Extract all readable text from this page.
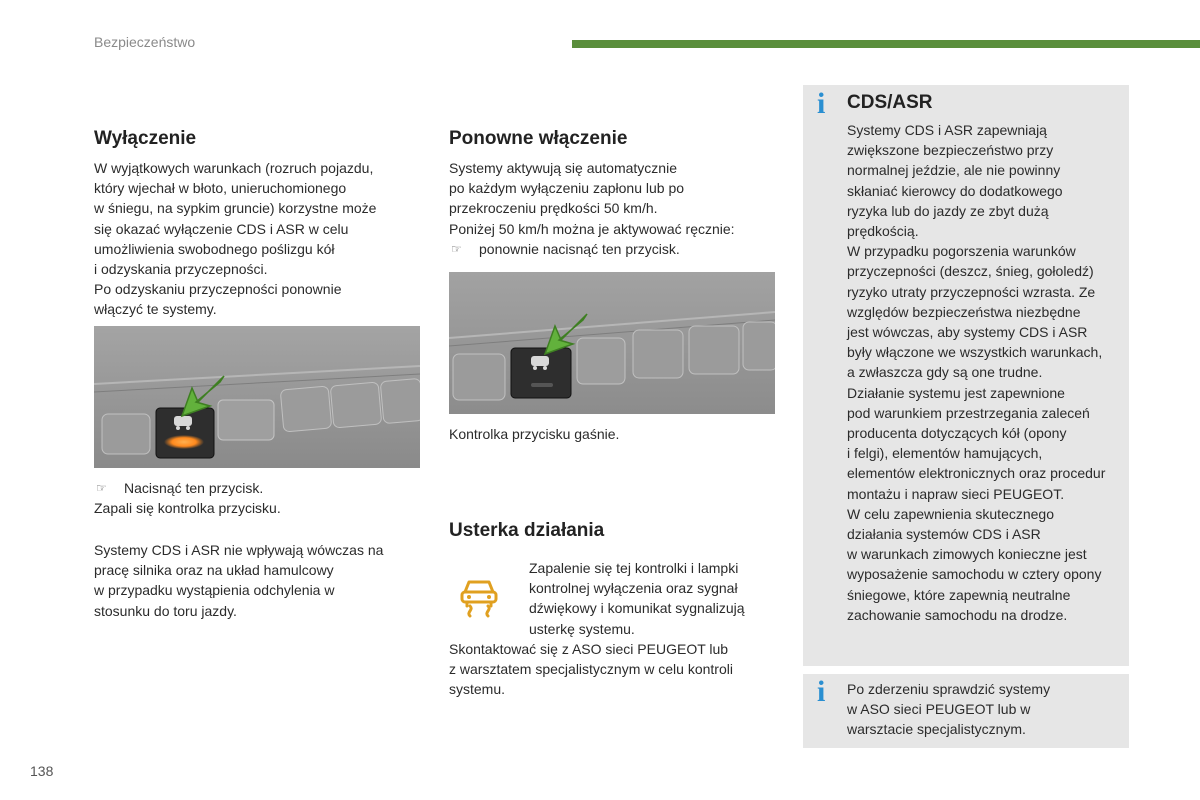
Bezpieczeństwo
138
Wyłączenie

W wyjątkowych warunkach (rozruch pojazdu,

który wjechał w błoto, unieruchomionego

w śniegu, na sypkim gruncie) korzystne może

się okazać wyłączenie CDS i ASR w celu

umożliwienia swobodnego poślizgu kół

i odzyskania przyczepności.

Po odzyskaniu przyczepności ponownie

włączyć te systemy.

☞	Nacisnąć ten przycisk.

Zapali się kontrolka przycisku.

Systemy CDS i ASR nie wpływają wówczas na

pracę silnika oraz na układ hamulcowy

w przypadku wystąpienia odchylenia w

stosunku do toru jazdy.

Ponowne włączenie

Systemy aktywują się automatycznie

po każdym wyłączeniu zapłonu lub po

przekroczeniu prędkości 50 km/h.

Poniżej 50 km/h można je aktywować ręcznie:

☞	ponownie nacisnąć ten przycisk.
Kontrolka przycisku gaśnie.
Usterka działania

Zapalenie się tej kontrolki i lampki

kontrolnej wyłączenia oraz sygnał

dźwiękowy i komunikat sygnalizują

usterkę systemu.

Skontaktować się z ASO sieci PEUGEOT lub

z warsztatem specjalistycznym w celu kontroli

systemu.

i CDS/ASR

Systemy CDS i ASR zapewniają

zwiększone bezpieczeństwo przy

normalnej jeździe, ale nie powinny

skłaniać kierowcy do dodatkowego

ryzyka lub do jazdy ze zbyt dużą

prędkością.

W przypadku pogorszenia warunków

przyczepności (deszcz, śnieg, gołoledź)

ryzyko utraty przyczepności wzrasta. Ze

względów bezpieczeństwa niezbędne

jest wówczas, aby systemy CDS i ASR

były włączone we wszystkich warunkach,

a zwłaszcza gdy są one trudne.

Działanie systemu jest zapewnione

pod warunkiem przestrzegania zaleceń

producenta dotyczących kół (opony

i felgi), elementów hamujących,

elementów elektronicznych oraz procedur

montażu i napraw sieci PEUGEOT.

W celu zapewnienia skutecznego

działania systemów CDS i ASR

w warunkach zimowych konieczne jest

wyposażenie samochodu w cztery opony

śniegowe, które zapewnią neutralne

zachowanie samochodu na drodze.

i Po zderzeniu sprawdzić systemy

w ASO sieci PEUGEOT lub w

warsztacie specjalistycznym.
